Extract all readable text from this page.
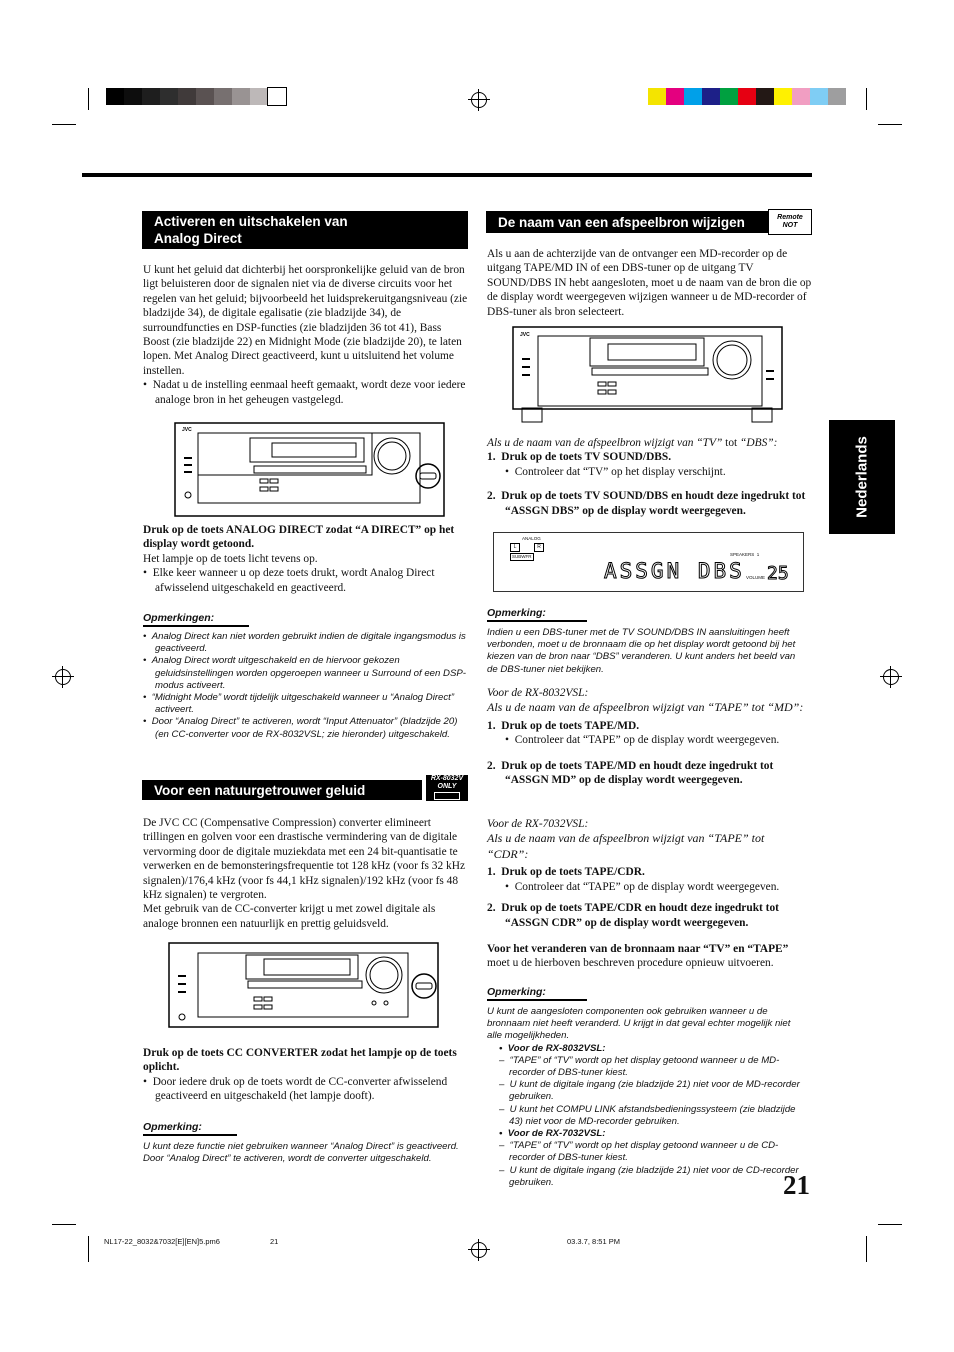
Nederlands
Activeren en uitschakelen van
Analog Direct
U kunt het geluid dat dichterbij het oorspronkelijke geluid van de bron ligt beluisteren door de signalen niet via de diverse circuits voor het regelen van het geluid; bijvoorbeeld het luidsprekeruitgangsniveau (zie bladzijde 34), de digitale egalisatie (zie bladzijde 34), de surroundfuncties en DSP-functies (zie bladzijden 36 tot 41), Bass Boost (zie bladzijde 22) en Midnight Mode (zie bladzijde 20), te laten lopen. Met Analog Direct geactiveerd, kunt u uitsluitend het volume instellen.
•  Nadat u de instelling eenmaal heeft gemaakt, wordt deze voor iedere analoge bron in het geheugen vastgelegd.
JVC
Druk op de toets ANALOG DIRECT zodat “A DIRECT” op het display wordt getoond.
Het lampje op de toets licht tevens op.
•  Elke keer wanneer u op deze toets drukt, wordt Analog Direct afwisselend uitgeschakeld en geactiveerd.
Opmerkingen:
•  Analog Direct kan niet worden gebruikt indien de digitale ingangsmodus is geactiveerd.
•  Analog Direct wordt uitgeschakeld en de hiervoor gekozen geluidsinstellingen worden opgeroepen wanneer u Surround of een DSP-modus activeert.
•  “Midnight Mode” wordt tijdelijk uitgeschakeld wanneer u “Analog Direct” activeert.
•  Door “Analog Direct” te activeren, wordt “Input Attenuator” (bladzijde 20) (en CC-converter voor de RX-8032VSL; zie hieronder) uitgeschakeld.
Voor een natuurgetrouwer geluid
RX-8032V
ONLY
De JVC CC (Compensative Compression) converter elimineert trillingen en golven voor een drastische vermindering van de digitale vervorming door de digitale muziekdata met een 24 bit-quantisatie te verwerken en de bemonsteringsfrequentie tot 128 kHz (voor fs 32 kHz signalen)/176,4 kHz (voor fs 44,1 kHz signalen)/192 kHz (voor fs 48 kHz signalen) te vergroten.
Met gebruik van de CC-converter krijgt u met zowel digitale als analoge bronnen een natuurlijk en prettig geluidsveld.
Druk op de toets CC CONVERTER zodat het lampje op de toets oplicht.
•  Door iedere druk op de toets wordt de CC-converter afwisselend geactiveerd en uitgeschakeld (het lampje dooft).
Opmerking:
U kunt deze functie niet gebruiken wanneer “Analog Direct” is geactiveerd. Door “Analog Direct” te activeren, wordt de converter uitgeschakeld.
De naam van een afspeelbron wijzigen	Remote
NOT
Als u aan de achterzijde van de ontvanger een MD-recorder op de uitgang TAPE/MD IN of een DBS-tuner op de uitgang TV SOUND/DBS IN hebt aangesloten, moet u de naam van de bron die op de display wordt weergegeven wijzigen wanneer u de MD-recorder of DBS-tuner als bron selecteert.
JVC
Als u de naam van de afspeelbron wijzigt van “TV” tot “DBS”:
1. Druk op de toets TV SOUND/DBS.
•  Controleer dat “TV” op het display verschijnt.
2. Druk op de toets TV SOUND/DBS en houdt deze ingedrukt tot “ASSGN DBS” op de display wordt weergegeven.
ANALOG
L	R
SUBWFR	SPEAKERS 1
ASSGN DBS VOLUME 25
Opmerking:
Indien u een DBS-tuner met de TV SOUND/DBS IN aansluitingen heeft verbonden, moet u de bronnaam die op het display wordt getoond bij het kiezen van de bron naar “DBS” veranderen. U kunt anders het beeld van de DBS-tuner niet bekijken.
Voor de RX-8032VSL:
Als u de naam van de afspeelbron wijzigt van “TAPE” tot “MD”:
1. Druk op de toets TAPE/MD.
•  Controleer dat “TAPE” op de display wordt weergegeven.
2. Druk op de toets TAPE/MD en houdt deze ingedrukt tot “ASSGN MD” op de display wordt weergegeven.
Voor de RX-7032VSL:
Als u de naam van de afspeelbron wijzigt van “TAPE” tot “CDR”:
1. Druk op de toets TAPE/CDR.
•  Controleer dat “TAPE” op de display wordt weergegeven.
2. Druk op de toets TAPE/CDR en houdt deze ingedrukt tot “ASSGN CDR” op de display wordt weergegeven.
Voor het veranderen van de bronnaam naar “TV” en “TAPE”
moet u de hierboven beschreven procedure opnieuw uitvoeren.
Opmerking:
U kunt de aangesloten componenten ook gebruiken wanneer u de bronnaam niet heeft veranderd. U krijgt in dat geval echter mogelijk niet alle mogelijkheden.
•  Voor de RX-8032VSL:
–  “TAPE” of “TV” wordt op het display getoond wanneer u de MD-recorder of DBS-tuner kiest.
–  U kunt de digitale ingang (zie bladzijde 21) niet voor de MD-recorder gebruiken.
–  U kunt het COMPU LINK afstandsbedieningssysteem (zie bladzijde 43) niet voor de MD-recorder gebruiken.
•  Voor de RX-7032VSL:
–  “TAPE” of “TV” wordt op het display getoond wanneer u de CD-recorder of DBS-tuner kiest.
–  U kunt de digitale ingang (zie bladzijde 21) niet voor de CD-recorder gebruiken.	21
NL17-22_8032&7032[E][EN]5.pm6	21	03.3.7, 8:51 PM
